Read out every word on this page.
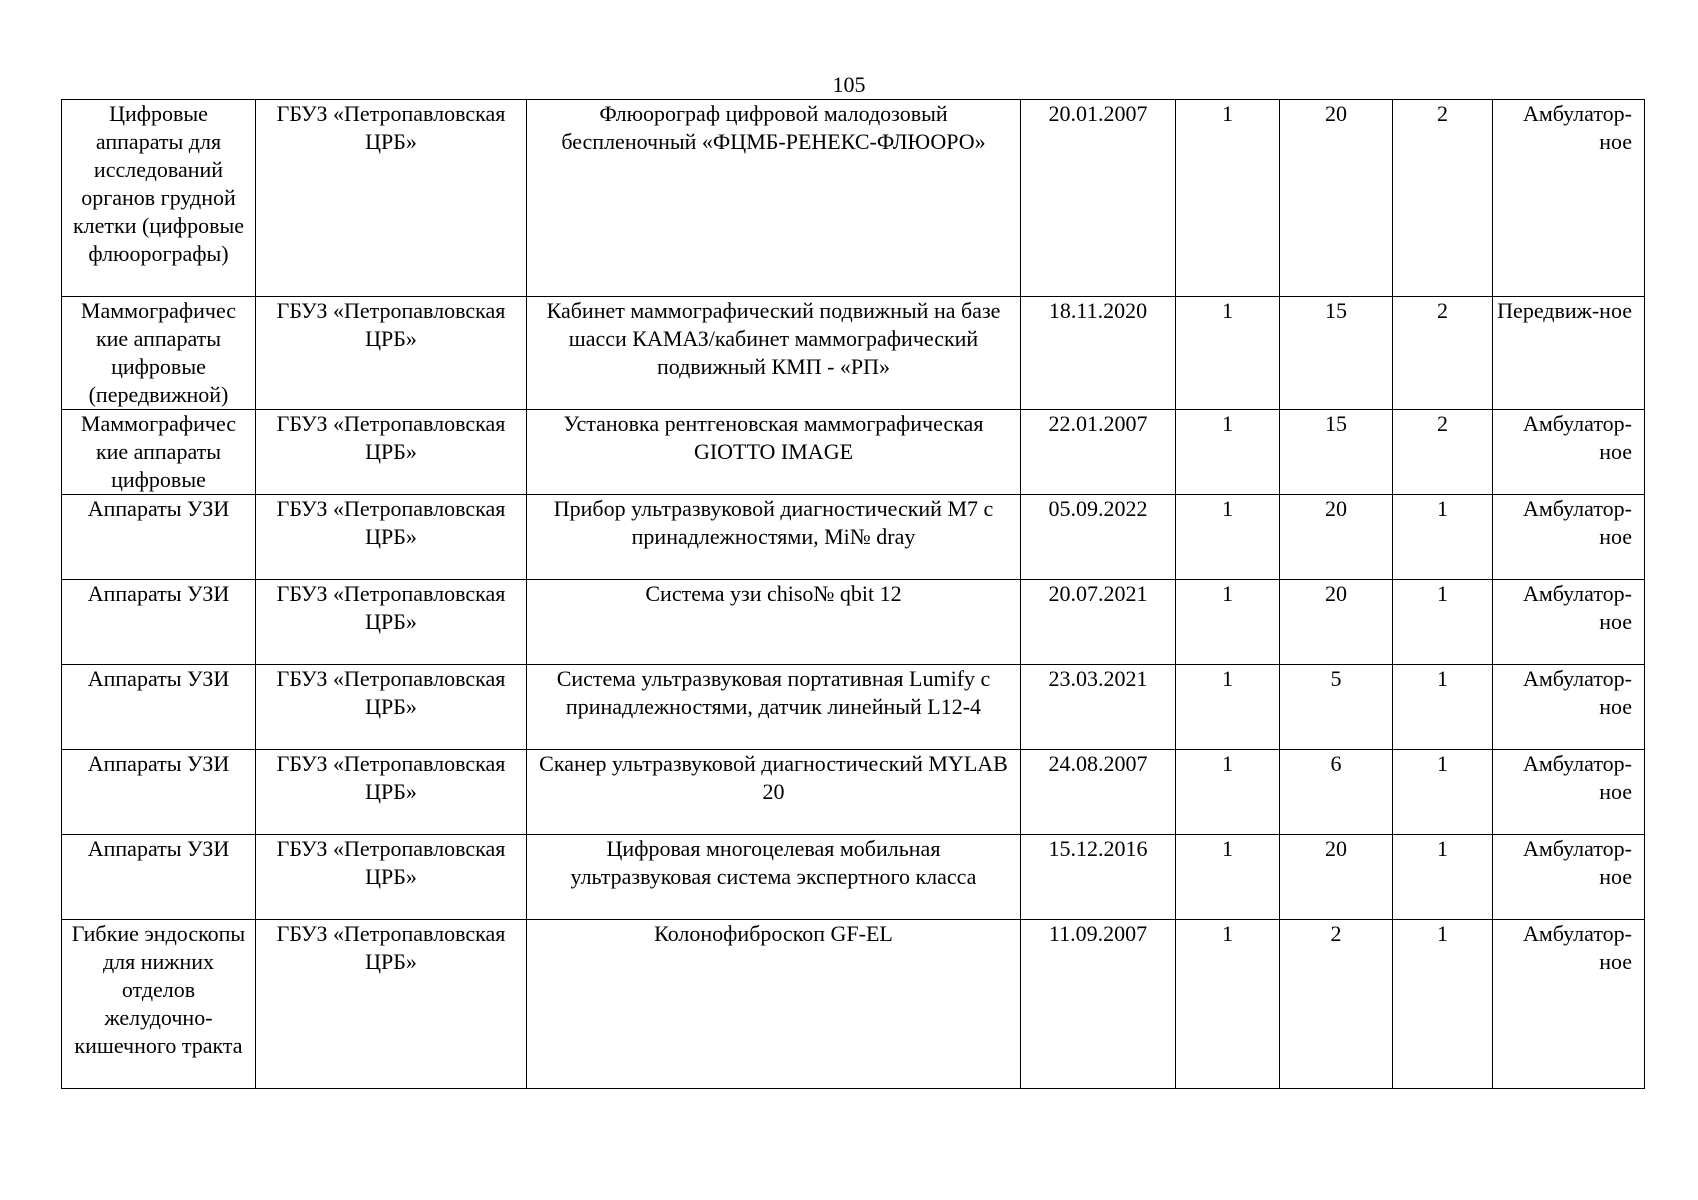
105
Цифровые аппараты для исследований органов грудной клетки (цифровые флюорографы)	ГБУЗ «Петропавловская ЦРБ»	Флюорограф цифровой малодозовый беспленочный «ФЦМБ-РЕНЕКС-ФЛЮОРО»	20.01.2007	1	20	2	Амбулатор-ное
Маммографичес кие аппараты цифровые (передвижной)	ГБУЗ «Петропавловская ЦРБ»	Кабинет маммографический подвижный на базе шасси КАМАЗ/кабинет маммографический подвижный КМП - «РП»	18.11.2020	1	15	2	Передвиж-ное
Маммографичес кие аппараты цифровые	ГБУЗ «Петропавловская ЦРБ»	Установка рентгеновская маммографическая GIOTTO IMAGE	22.01.2007	1	15	2	Амбулатор-ное
Аппараты УЗИ	ГБУЗ «Петропавловская ЦРБ»	Прибор ультразвуковой диагностический M7 с принадлежностями, Mi№ dray	05.09.2022	1	20	1	Амбулатор-ное
Аппараты УЗИ	ГБУЗ «Петропавловская ЦРБ»	Система узи chiso№ qbit 12	20.07.2021	1	20	1	Амбулатор-ное
Аппараты УЗИ	ГБУЗ «Петропавловская ЦРБ»	Система ультразвуковая портативная Lumify с принадлежностями, датчик линейный L12-4	23.03.2021	1	5	1	Амбулатор-ное
Аппараты УЗИ	ГБУЗ «Петропавловская ЦРБ»	Сканер ультразвуковой диагностический MYLAB 20	24.08.2007	1	6	1	Амбулатор-ное
Аппараты УЗИ	ГБУЗ «Петропавловская ЦРБ»	Цифровая многоцелевая мобильная ультразвуковая система экспертного класса	15.12.2016	1	20	1	Амбулатор-ное
Гибкие эндоскопы для нижних отделов желудочно-кишечного тракта	ГБУЗ «Петропавловская ЦРБ»	Колонофиброскоп GF-EL	11.09.2007	1	2	1	Амбулатор-ное
